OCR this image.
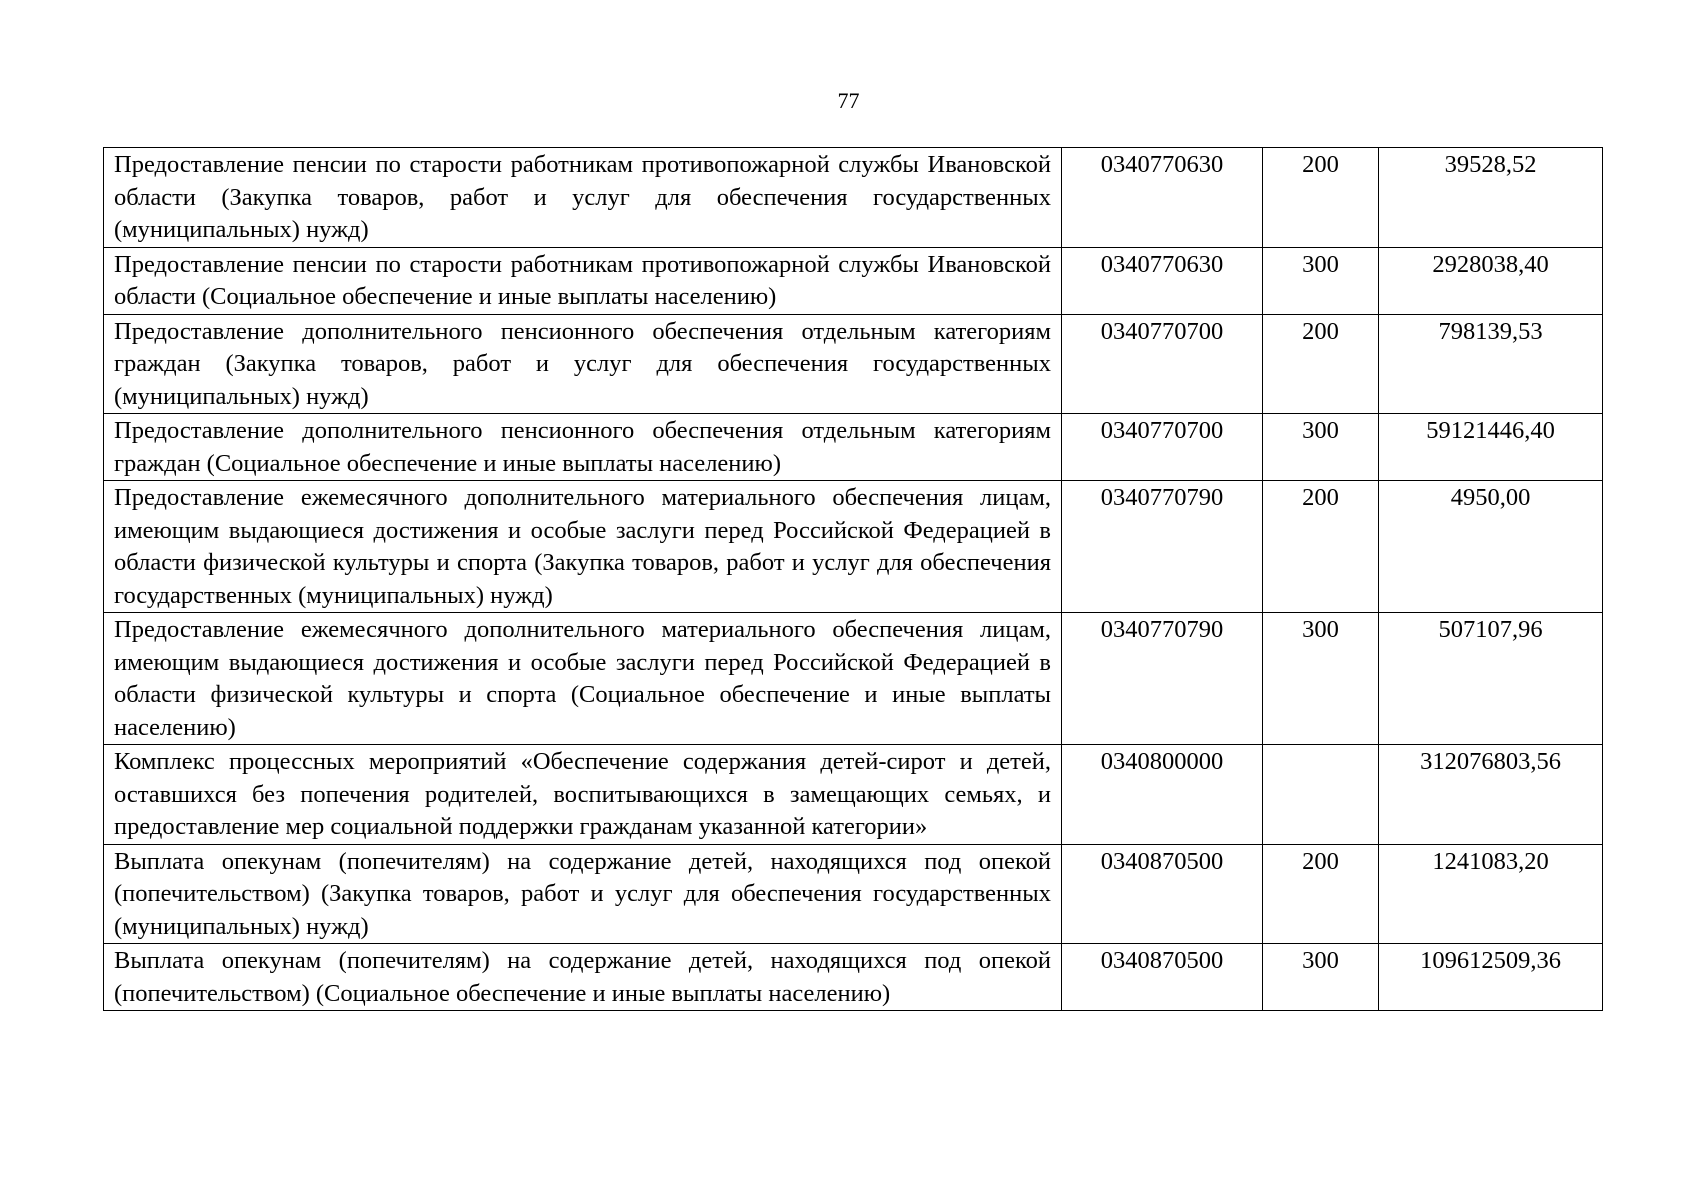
77
Предоставление пенсии по старости работникам противопожарной службы Ивановской области (Закупка товаров, работ и услуг для обеспечения государственных (муниципальных) нужд)	0340770630	200	39528,52
Предоставление пенсии по старости работникам противопожарной службы Ивановской области (Социальное обеспечение и иные выплаты населению)	0340770630	300	2928038,40
Предоставление дополнительного пенсионного обеспечения отдельным категориям граждан (Закупка товаров, работ и услуг для обеспечения государственных (муниципальных) нужд)	0340770700	200	798139,53
Предоставление дополнительного пенсионного обеспечения отдельным категориям граждан (Социальное обеспечение и иные выплаты населению)	0340770700	300	59121446,40
Предоставление ежемесячного дополнительного материального обеспечения лицам, имеющим выдающиеся достижения и особые заслуги перед Российской Федерацией в области физической культуры и спорта (Закупка товаров, работ и услуг для обеспечения государственных (муниципальных) нужд)	0340770790	200	4950,00
Предоставление ежемесячного дополнительного материального обеспечения лицам, имеющим выдающиеся достижения и особые заслуги перед Российской Федерацией в области физической культуры и спорта (Социальное обеспечение и иные выплаты населению)	0340770790	300	507107,96
Комплекс процессных мероприятий «Обеспечение содержания детей-сирот и детей, оставшихся без попечения родителей, воспитывающихся в замещающих семьях, и предоставление мер социальной поддержки гражданам указанной категории»	0340800000		312076803,56
Выплата опекунам (попечителям) на содержание детей, находящихся под опекой (попечительством) (Закупка товаров, работ и услуг для обеспечения государственных (муниципальных) нужд)	0340870500	200	1241083,20
Выплата опекунам (попечителям) на содержание детей, находящихся под опекой (попечительством) (Социальное обеспечение и иные выплаты населению)	0340870500	300	109612509,36
